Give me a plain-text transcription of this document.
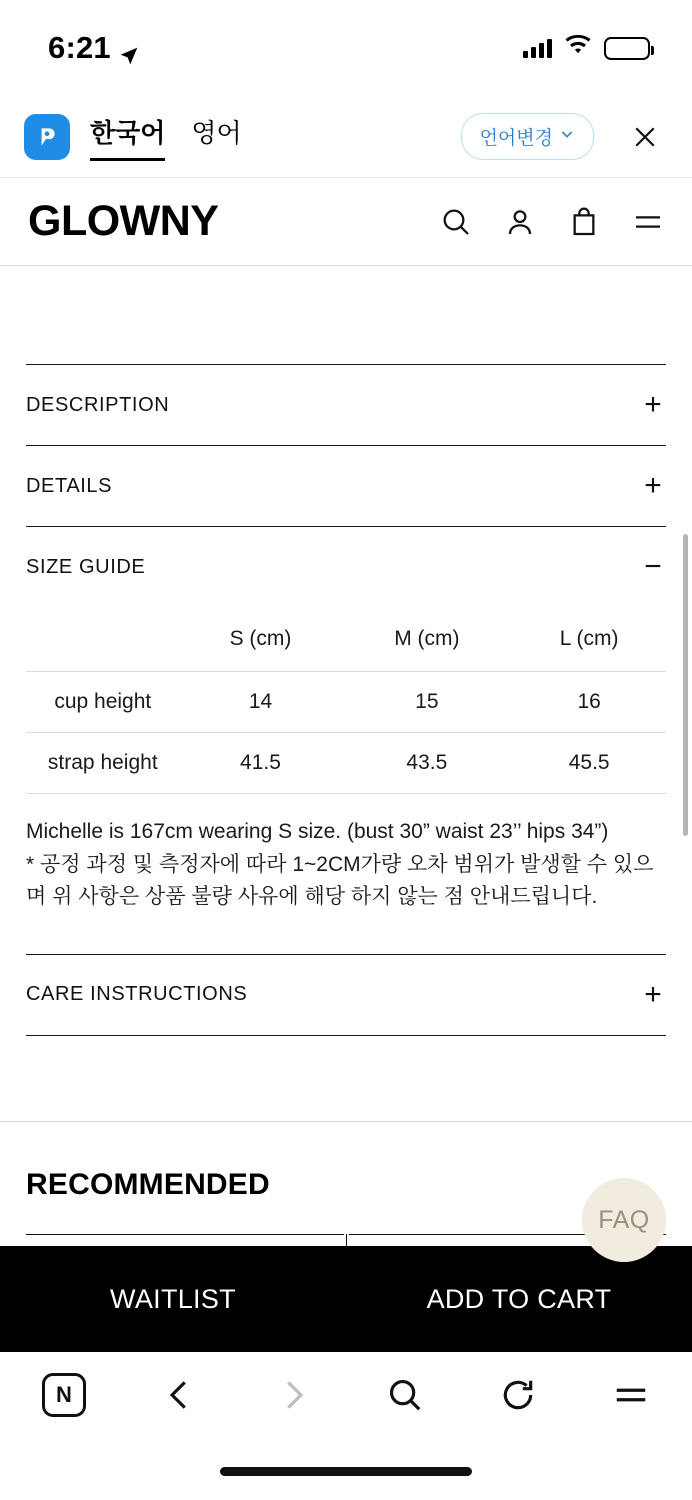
6:21
한국어 영어	언어변경
GLOWNY
DESCRIPTION	+
DETAILS	+
SIZE GUIDE	−
	S (cm)	M (cm)	L (cm)
cup height	14	15	16
strap height	41.5	43.5	45.5
Michelle is 167cm wearing S size. (bust 30” waist 23’’ hips 34”)
* 공정 과정 및 측정자에 따라 1~2CM가량 오차 범위가 발생할 수 있으며 위 사항은 상품 불량 사유에 해당 하지 않는 점 안내드립니다.
CARE INSTRUCTIONS	+
RECOMMENDED
FAQ
WAITLIST	ADD TO CART
N
